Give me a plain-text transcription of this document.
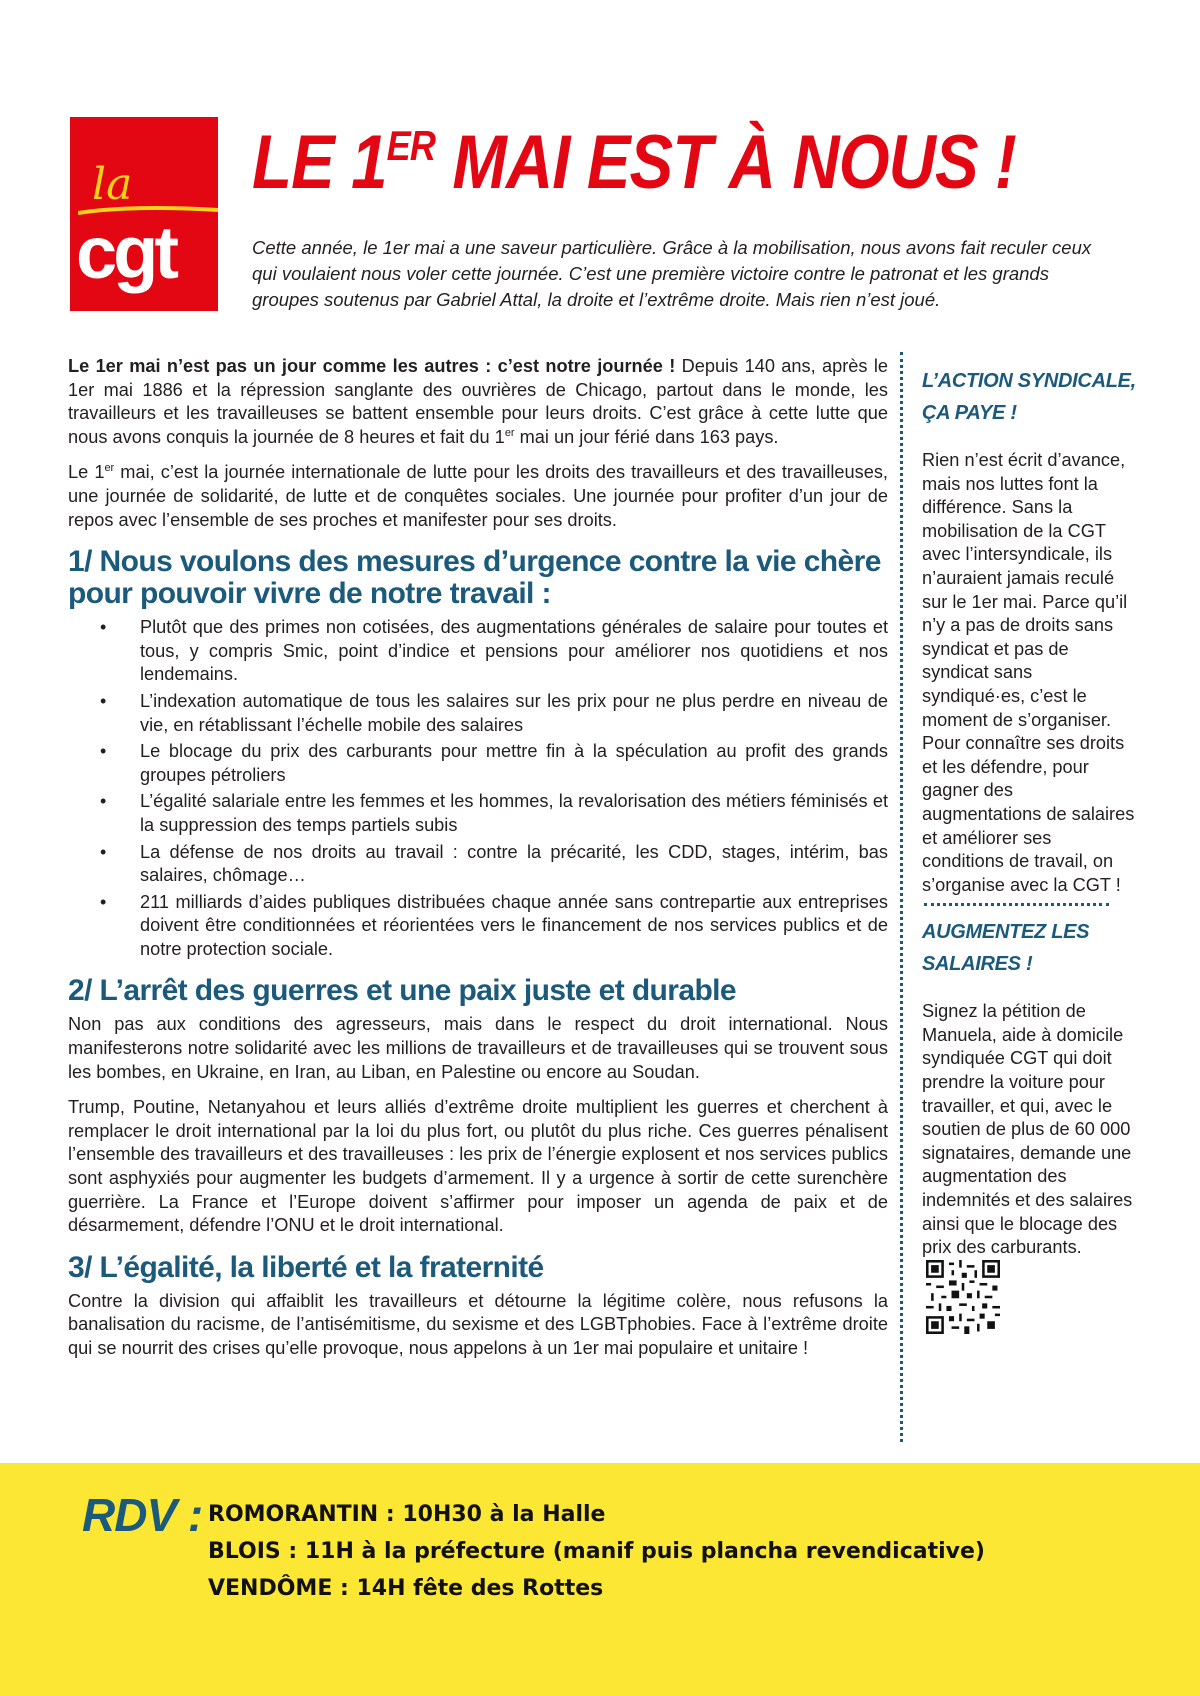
la
cgt
LE 1ER MAI EST À NOUS !

Cette année, le 1er mai a une saveur particulière. Grâce à la mobilisation, nous avons fait reculer ceux qui voulaient nous voler cette journée. C’est une première victoire contre le patronat et les grands groupes soutenus par Gabriel Attal, la droite et l’extrême droite. Mais rien n’est joué.

Le 1er mai n’est pas un jour comme les autres : c’est notre journée ! Depuis 140 ans, après le 1er mai 1886 et la répression sanglante des ouvrières de Chicago, partout dans le monde, les travailleurs et les travailleuses se battent ensemble pour leurs droits. C’est grâce à cette lutte que nous avons conquis la journée de 8 heures et fait du 1er mai un jour férié dans 163 pays.

Le 1er mai, c’est la journée internationale de lutte pour les droits des travailleurs et des travailleuses, une journée de solidarité, de lutte et de conquêtes sociales. Une journée pour profiter d’un jour de repos avec l’ensemble de ses proches et manifester pour ses droits.

1/ Nous voulons des mesures d’urgence contre la vie chère pour pouvoir vivre de notre travail :
• Plutôt que des primes non cotisées, des augmentations générales de salaire pour toutes et tous, y compris Smic, point d’indice et pensions pour améliorer nos quotidiens et nos lendemains.
• L’indexation automatique de tous les salaires sur les prix pour ne plus perdre en niveau de vie, en rétablissant l’échelle mobile des salaires
• Le blocage du prix des carburants pour mettre fin à la spéculation au profit des grands groupes pétroliers
• L’égalité salariale entre les femmes et les hommes, la revalorisation des métiers féminisés et la suppression des temps partiels subis
• La défense de nos droits au travail : contre la précarité, les CDD, stages, intérim, bas salaires, chômage…
• 211 milliards d’aides publiques distribuées chaque année sans contrepartie aux entreprises doivent être conditionnées et réorientées vers le financement de nos services publics et de notre protection sociale.
2/ L’arrêt des guerres et une paix juste et durable

Non pas aux conditions des agresseurs, mais dans le respect du droit international. Nous manifesterons notre solidarité avec les millions de travailleurs et de travailleuses qui se trouvent sous les bombes, en Ukraine, en Iran, au Liban, en Palestine ou encore au Soudan.

Trump, Poutine, Netanyahou et leurs alliés d’extrême droite multiplient les guerres et cherchent à remplacer le droit international par la loi du plus fort, ou plutôt du plus riche. Ces guerres pénalisent l’ensemble des travailleurs et des travailleuses : les prix de l’énergie explosent et nos services publics sont asphyxiés pour augmenter les budgets d’armement. Il y a urgence à sortir de cette surenchère guerrière. La France et l’Europe doivent s’affirmer pour imposer un agenda de paix et de désarmement, défendre l’ONU et le droit international.

3/ L’égalité, la liberté et la fraternité

Contre la division qui affaiblit les travailleurs et détourne la légitime colère, nous refusons la banalisation du racisme, de l’antisémitisme, du sexisme et des LGBTphobies. Face à l’extrême droite qui se nourrit des crises qu’elle provoque, nous appelons à un 1er mai populaire et unitaire !

L’ACTION SYNDICALE, ÇA PAYE !

Rien n’est écrit d’avance, mais nos luttes font la différence. Sans la mobilisation de la CGT avec l’intersyndicale, ils n’auraient jamais reculé sur le 1er mai. Parce qu’il n’y a pas de droits sans syndicat et pas de syndicat sans syndiqué·es, c’est le moment de s’organiser. Pour connaître ses droits et les défendre, pour gagner des augmentations de salaires et améliorer ses conditions de travail, on s’organise avec la CGT !

AUGMENTEZ LES SALAIRES !

Signez la pétition de Manuela, aide à domicile syndiquée CGT qui doit prendre la voiture pour travailler, et qui, avec le soutien de plus de 60 000 signataires, demande une augmentation des indemnités et des salaires ainsi que le blocage des prix des carburants.

RDV : ROMORANTIN : 10H30 à la Halle
BLOIS : 11H à la préfecture (manif puis plancha revendicative)
VENDÔME : 14H fête des Rottes
